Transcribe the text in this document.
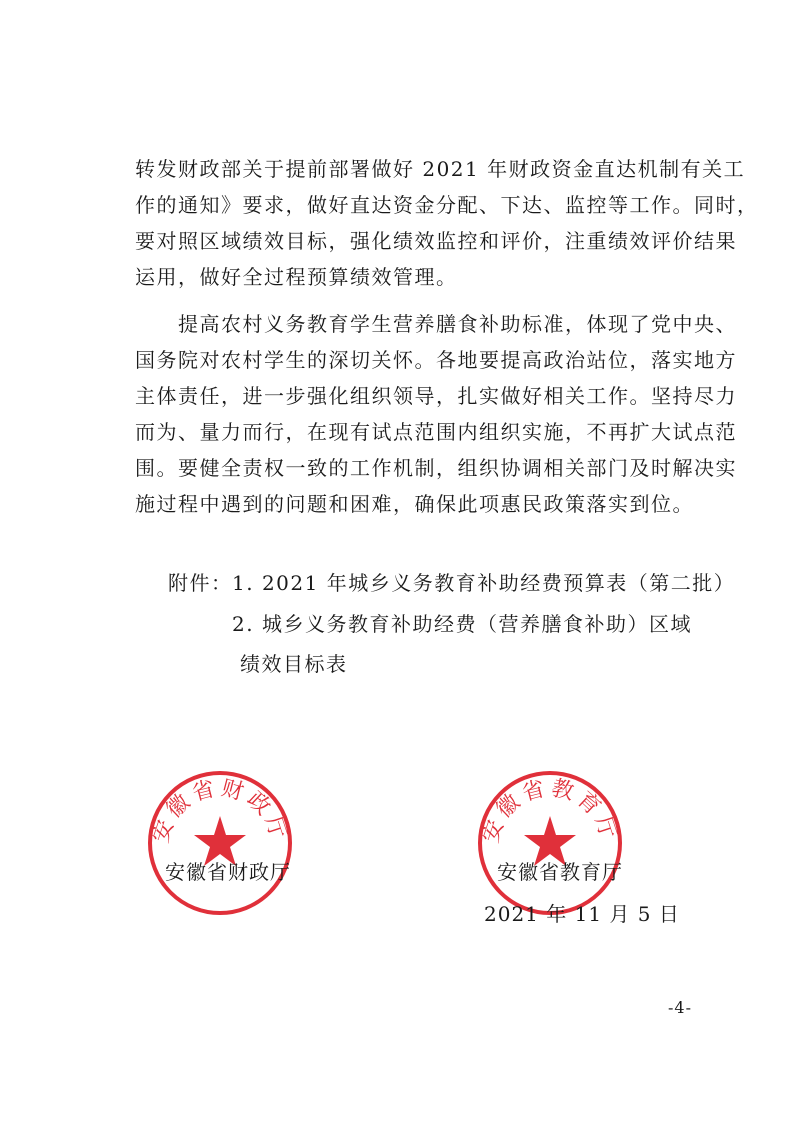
转发财政部关于提前部署做好 2021 年财政资金直达机制有关工
作的通知》要求，做好直达资金分配、下达、监控等工作。同时，
要对照区域绩效目标，强化绩效监控和评价，注重绩效评价结果
运用，做好全过程预算绩效管理。
提高农村义务教育学生营养膳食补助标准，体现了党中央、
国务院对农村学生的深切关怀。各地要提高政治站位，落实地方
主体责任，进一步强化组织领导，扎实做好相关工作。坚持尽力
而为、量力而行，在现有试点范围内组织实施，不再扩大试点范
围。要健全责权一致的工作机制，组织协调相关部门及时解决实
施过程中遇到的问题和困难，确保此项惠民政策落实到位。
附件： 1. 2021 年城乡义务教育补助经费预算表（第二批）
2. 城乡义务教育补助经费（营养膳食补助）区域
绩效目标表
安徽省财政厅	安徽省教育厅
安徽省财政厅	安徽省教育厅
2021 年 11 月 5 日
-4-
